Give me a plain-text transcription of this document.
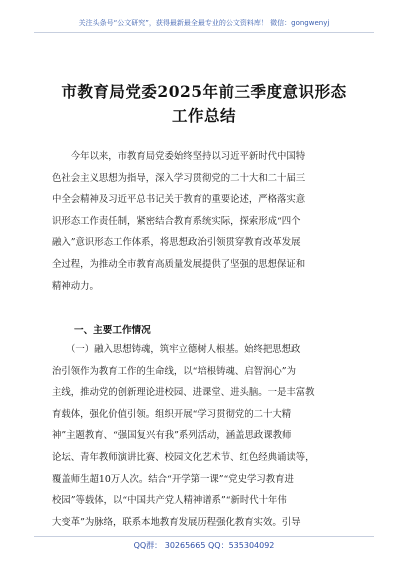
关注头条号“公文研究”，获得最新最全最专业的公文资料库！ 微信：gongwenyj
市教育局党委2025年前三季度意识形态
工作总结
　　今年以来，市教育局党委始终坚持以习近平新时代中国特
色社会主义思想为指导，深入学习贯彻党的二十大和二十届三
中全会精神及习近平总书记关于教育的重要论述，严格落实意
识形态工作责任制，紧密结合教育系统实际，探索形成“四个
融入”意识形态工作体系，将思想政治引领贯穿教育改革发展
全过程，为推动全市教育高质量发展提供了坚强的思想保证和
精神动力。
一、主要工作情况
　　（一）融入思想铸魂，筑牢立德树人根基。始终把思想政
治引领作为教育工作的生命线，以“培根铸魂、启智润心”为
主线，推动党的创新理论进校园、进课堂、进头脑。一是丰富教
育载体，强化价值引领。组织开展“学习贯彻党的二十大精
神”主题教育、“强国复兴有我”系列活动，涵盖思政课教师
论坛、青年教师演讲比赛、校园文化艺术节、红色经典诵读等，
覆盖师生超10万人次。结合“开学第一课”“党史学习教育进
校园”等载体，以“中国共产党人精神谱系”“新时代十年伟
大变革”为脉络，联系本地教育发展历程强化教育实效。引导
QQ群： 30265665 QQ：535304092
